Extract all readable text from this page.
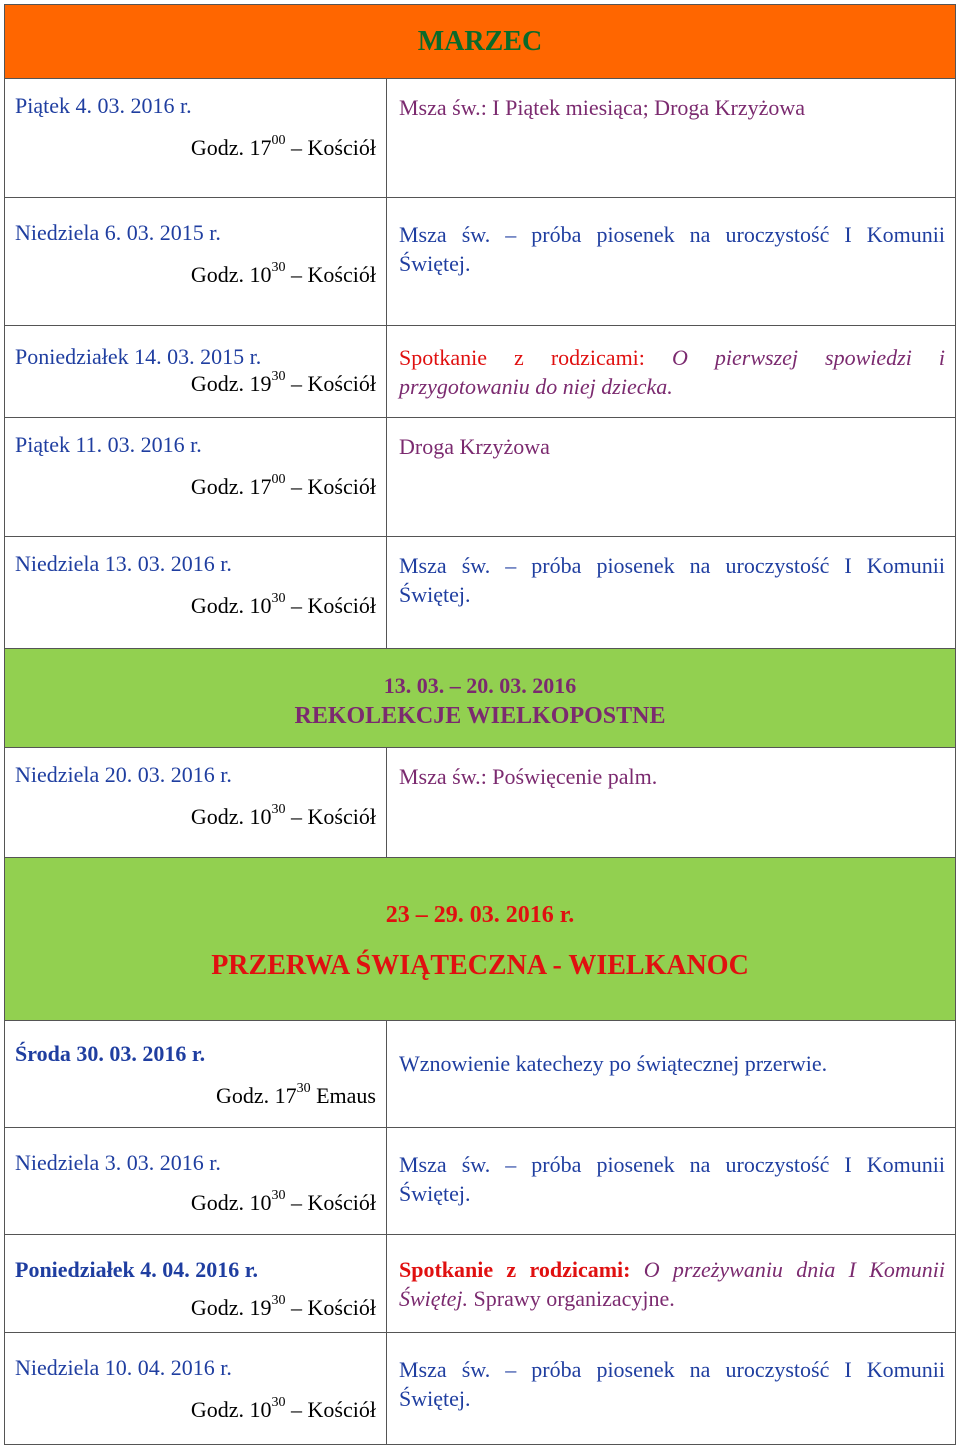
MARZEC
Piątek 4. 03. 2016 r.
Godz. $17^{00}$ – Kościół
Msza św.: I Piątek miesiąca; Droga Krzyżowa
Niedziela 6. 03. 2015 r.
Godz. $10^{30}$ – Kościół
Msza św. – próba piosenek na uroczystość I Komunii Świętej.
Poniedziałek 14. 03. 2015 r.
Godz. $19^{30}$ – Kościół
Spotkanie z rodzicami: O pierwszej spowiedzi i przygotowaniu do niej dziecka.
Piątek 11. 03. 2016 r.
Godz. $17^{00}$ – Kościół
Droga Krzyżowa
Niedziela 13. 03. 2016 r.
Godz. $10^{30}$ – Kościół
Msza św. – próba piosenek na uroczystość I Komunii Świętej.
13. 03. – 20. 03. 2016
REKOLEKCJE WIELKOPOSTNE
Niedziela 20. 03. 2016 r.
Godz. $10^{30}$ – Kościół
Msza św.: Poświęcenie palm.
23 – 29. 03. 2016 r.
PRZERWA ŚWIĄTECZNA - WIELKANOC
Środa 30. 03. 2016 r.
Godz. $17^{30}$ Emaus
Wznowienie katechezy po świątecznej przerwie.
Niedziela 3. 03. 2016 r.
Godz. $10^{30}$ – Kościół
Msza św. – próba piosenek na uroczystość I Komunii Świętej.
Poniedziałek 4. 04. 2016 r.
Godz. $19^{30}$ – Kościół
Spotkanie z rodzicami: O przeżywaniu dnia I Komunii Świętej. Sprawy organizacyjne.
Niedziela 10. 04. 2016 r.
Godz. $10^{30}$ – Kościół
Msza św. – próba piosenek na uroczystość I Komunii Świętej.
